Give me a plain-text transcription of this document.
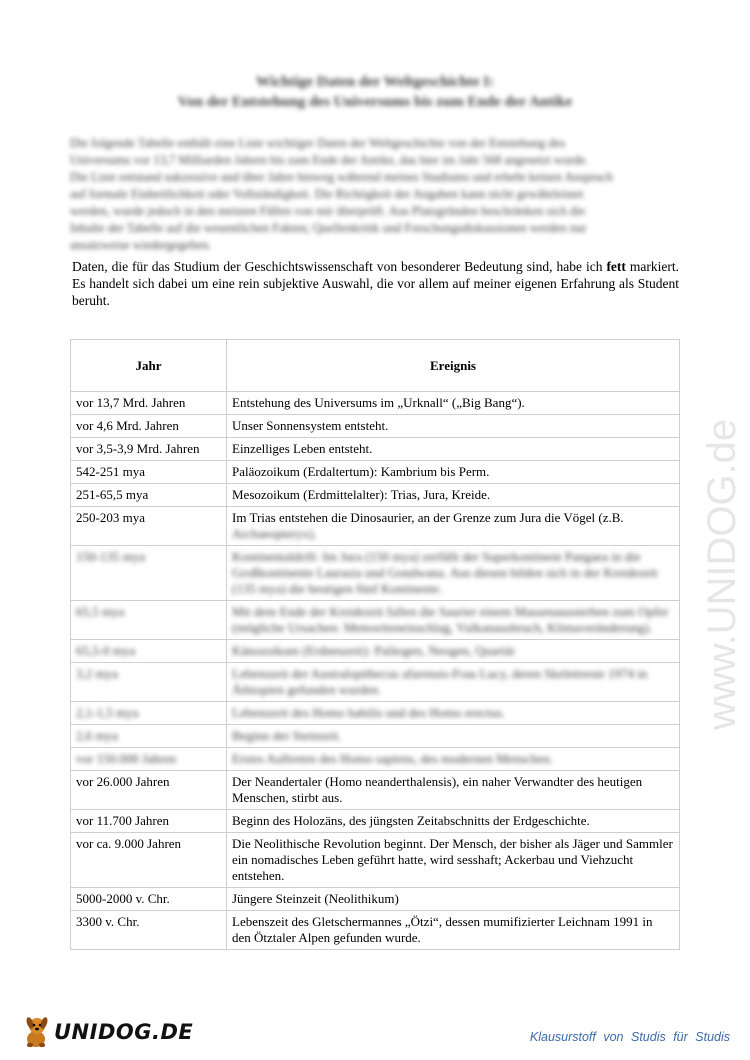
www.UNIDOG.de
Wichtige Daten der Weltgeschichte I:
Von der Entstehung des Universums bis zum Ende der Antike
Die folgende Tabelle enthält eine Liste wichtiger Daten der Weltgeschichte von der Entstehung des
Universums vor 13,7 Milliarden Jahren bis zum Ende der Antike, das hier im Jahr 568 angesetzt wurde.
Die Liste entstand sukzessive und über Jahre hinweg während meines Studiums und erhebt keinen Anspruch
auf formale Einheitlichkeit oder Vollständigkeit. Die Richtigkeit der Angaben kann nicht gewährleistet
werden, wurde jedoch in den meisten Fällen von mir überprüft. Aus Platzgründen beschränken sich die
Inhalte der Tabelle auf die wesentlichen Fakten; Quellenkritik und Forschungsdiskussionen werden nur
ansatzweise wiedergegeben.
Daten, die für das Studium der Geschichtswissenschaft von besonderer Bedeutung sind, habe ich fett markiert. Es handelt sich dabei um eine rein subjektive Auswahl, die vor allem auf meiner eigenen Erfahrung als Student beruht.
Jahr	Ereignis
vor 13,7 Mrd. Jahren	Entstehung des Universums im „Urknall“ („Big Bang“).
vor 4,6 Mrd. Jahren	Unser Sonnensystem entsteht.
vor 3,5-3,9 Mrd. Jahren	Einzelliges Leben entsteht.
542-251 mya	Paläozoikum (Erdaltertum): Kambrium bis Perm.
251-65,5 mya	Mesozoikum (Erdmittelalter): Trias, Jura, Kreide.
250-203 mya	Im Trias entstehen die Dinosaurier, an der Grenze zum Jura die Vögel (z.B.
Archaeopteryx).

150-135 mya	Kontinentaldrift: Im Jura (150 mya) zerfällt der Superkontinent Pangaea in die Großkontinente Laurasia und Gondwana. Aus diesen bilden sich in der Kreidezeit (135 mya) die heutigen fünf Kontinente.
65,5 mya	Mit dem Ende der Kreidezeit fallen die Saurier einem Massenaussterben zum Opfer (mögliche Ursachen: Meteoriteneinschlag, Vulkanausbruch, Klimaveränderung).
65,5-0 mya	Känozoikum (Erdneuzeit): Paläogen, Neogen, Quartär
3,2 mya	Lebenszeit der Australopithecus afarensis-Frau Lucy, deren Skelettreste 1974 in Äthiopien gefunden wurden.
2,1-1,5 mya	Lebenszeit des Homo habilis und des Homo erectus.
2,6 mya	Beginn der Steinzeit.
vor 150.000 Jahren	Erstes Auftreten des Homo sapiens, des modernen Menschen.
vor 26.000 Jahren	Der Neandertaler (Homo neanderthalensis), ein naher Verwandter des heutigen Menschen, stirbt aus.
vor 11.700 Jahren	Beginn des Holozäns, des jüngsten Zeitabschnitts der Erdgeschichte.
vor ca. 9.000 Jahren	Die Neolithische Revolution beginnt. Der Mensch, der bisher als Jäger und Sammler ein nomadisches Leben geführt hatte, wird sesshaft; Ackerbau und Viehzucht entstehen.
5000-2000 v. Chr.	Jüngere Steinzeit (Neolithikum)
3300 v. Chr.	Lebenszeit des Gletschermannes „Ötzi“, dessen mumifizierter Leichnam 1991 in den Ötztaler Alpen gefunden wurde.
UNIDOG.DE	Klausurstoff von Studis für Studis
